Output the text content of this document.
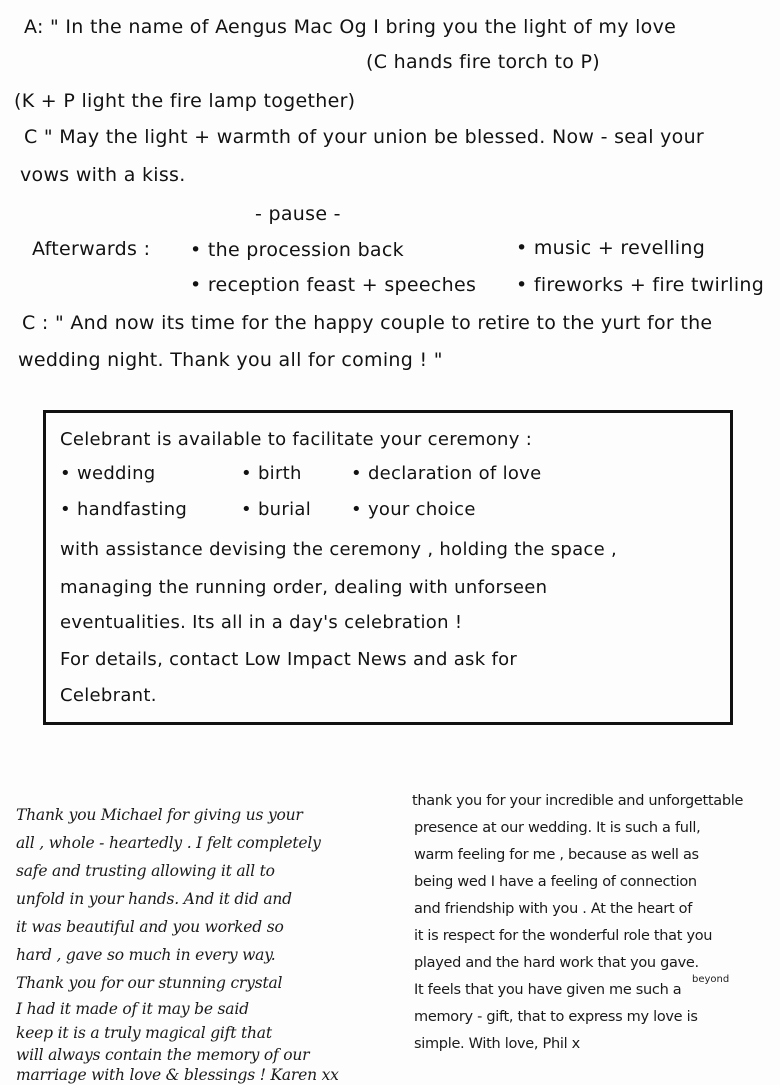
A: " In the name of Aengus Mac Og I bring you the light of my love
(C hands fire torch to P)
(K + P light the fire lamp together)
C " May the light + warmth of your union be blessed. Now - seal your
vows with a kiss.
- pause -
Afterwards : • the procession back	• music + revelling
• reception feast + speeches • fireworks + fire twirling
C : " And now its time for the happy couple to retire to the yurt for the
wedding night. Thank you all for coming ! "
Celebrant is available to facilitate your ceremony :
• wedding	• birth	• declaration of love
• handfasting	• burial • your choice
with assistance devising the ceremony , holding the space ,
managing the running order, dealing with unforseen
eventualities. Its all in a day's celebration !
For details, contact Low Impact News and ask for
Celebrant.
Thank you Michael for giving us your
all , whole - heartedly . I felt completely
safe and trusting allowing it all to
unfold in your hands. And it did and
it was beautiful and you worked so
hard , gave so much in every way.
Thank you for our stunning crystal
I had it made of it may be said
keep it is a truly magical gift that
will always contain the memory of our
marriage with love & blessings ! Karen xx
thank you for your incredible and unforgettable
presence at our wedding. It is such a full,
warm feeling for me , because as well as
being wed I have a feeling of connection
and friendship with you . At the heart of
it is respect for the wonderful role that you
played and the hard work that you gave.
It feels that you have given me such a
beyond
memory - gift, that to express my love is
simple. With love, Phil x
